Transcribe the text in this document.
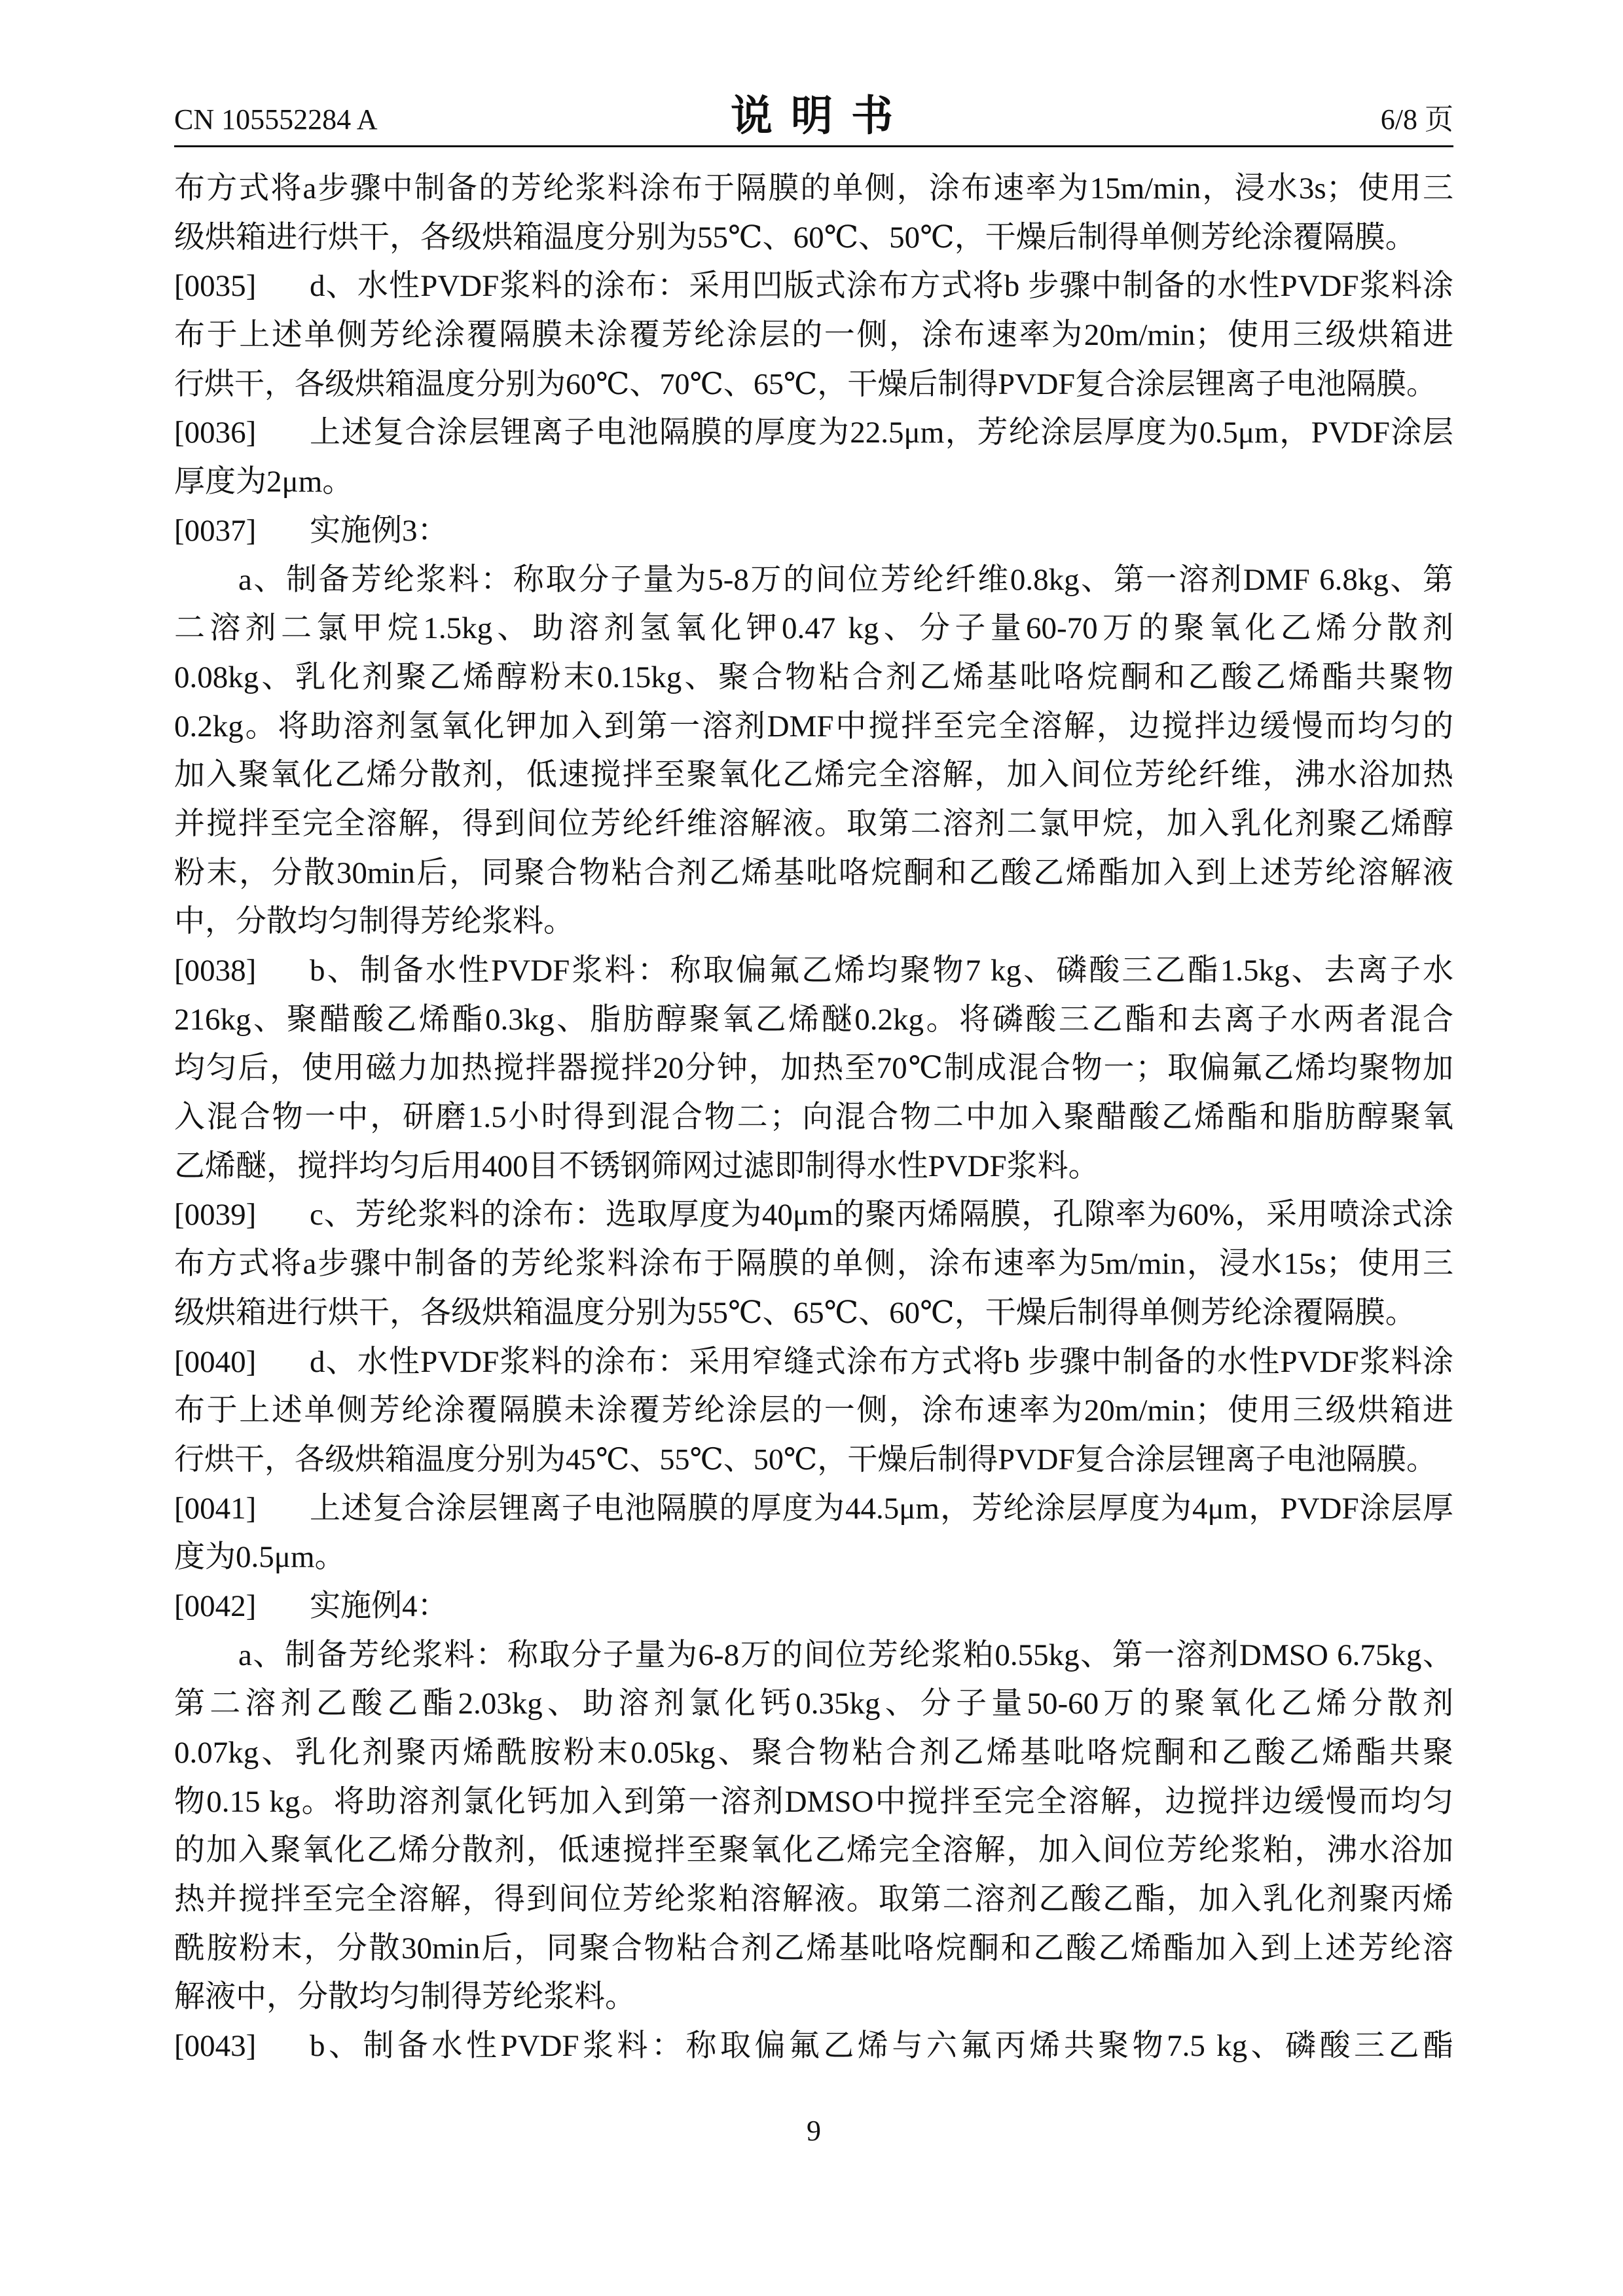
CN 105552284 A	说 明 书	6/8 页
布方式将a步骤中制备的芳纶浆料涂布于隔膜的单侧，涂布速率为15m/min，浸水3s；使用三
级烘箱进行烘干，各级烘箱温度分别为55℃、60℃、50℃，干燥后制得单侧芳纶涂覆隔膜。
[0035]	d、水性PVDF浆料的涂布：采用凹版式涂布方式将b 步骤中制备的水性PVDF浆料涂
布于上述单侧芳纶涂覆隔膜未涂覆芳纶涂层的一侧，涂布速率为20m/min；使用三级烘箱进
行烘干，各级烘箱温度分别为60℃、70℃、65℃，干燥后制得PVDF复合涂层锂离子电池隔膜。
[0036]	上述复合涂层锂离子电池隔膜的厚度为22.5μm，芳纶涂层厚度为0.5μm，PVDF涂层
厚度为2μm。
[0037]	实施例3：
a、制备芳纶浆料：称取分子量为5-8万的间位芳纶纤维0.8kg、第一溶剂DMF 6.8kg、第
二溶剂二氯甲烷1.5kg、助溶剂氢氧化钾0.47 kg、分子量60-70万的聚氧化乙烯分散剂
0.08kg、乳化剂聚乙烯醇粉末0.15kg、聚合物粘合剂乙烯基吡咯烷酮和乙酸乙烯酯共聚物
0.2kg。将助溶剂氢氧化钾加入到第一溶剂DMF中搅拌至完全溶解，边搅拌边缓慢而均匀的
加入聚氧化乙烯分散剂，低速搅拌至聚氧化乙烯完全溶解，加入间位芳纶纤维，沸水浴加热
并搅拌至完全溶解，得到间位芳纶纤维溶解液。取第二溶剂二氯甲烷，加入乳化剂聚乙烯醇
粉末，分散30min后，同聚合物粘合剂乙烯基吡咯烷酮和乙酸乙烯酯加入到上述芳纶溶解液
中，分散均匀制得芳纶浆料。
[0038]	b、制备水性PVDF浆料：称取偏氟乙烯均聚物7 kg、磷酸三乙酯1.5kg、去离子水
216kg、聚醋酸乙烯酯0.3kg、脂肪醇聚氧乙烯醚0.2kg。将磷酸三乙酯和去离子水两者混合
均匀后，使用磁力加热搅拌器搅拌20分钟，加热至70℃制成混合物一；取偏氟乙烯均聚物加
入混合物一中，研磨1.5小时得到混合物二；向混合物二中加入聚醋酸乙烯酯和脂肪醇聚氧
乙烯醚，搅拌均匀后用400目不锈钢筛网过滤即制得水性PVDF浆料。
[0039]	c、芳纶浆料的涂布：选取厚度为40μm的聚丙烯隔膜，孔隙率为60%，采用喷涂式涂
布方式将a步骤中制备的芳纶浆料涂布于隔膜的单侧，涂布速率为5m/min，浸水15s；使用三
级烘箱进行烘干，各级烘箱温度分别为55℃、65℃、60℃，干燥后制得单侧芳纶涂覆隔膜。
[0040]	d、水性PVDF浆料的涂布：采用窄缝式涂布方式将b 步骤中制备的水性PVDF浆料涂
布于上述单侧芳纶涂覆隔膜未涂覆芳纶涂层的一侧，涂布速率为20m/min；使用三级烘箱进
行烘干，各级烘箱温度分别为45℃、55℃、50℃，干燥后制得PVDF复合涂层锂离子电池隔膜。
[0041]	上述复合涂层锂离子电池隔膜的厚度为44.5μm，芳纶涂层厚度为4μm，PVDF涂层厚
度为0.5μm。
[0042]	实施例4：
a、制备芳纶浆料：称取分子量为6-8万的间位芳纶浆粕0.55kg、第一溶剂DMSO 6.75kg、
第二溶剂乙酸乙酯2.03kg、助溶剂氯化钙0.35kg、分子量50-60万的聚氧化乙烯分散剂
0.07kg、乳化剂聚丙烯酰胺粉末0.05kg、聚合物粘合剂乙烯基吡咯烷酮和乙酸乙烯酯共聚
物0.15 kg。将助溶剂氯化钙加入到第一溶剂DMSO中搅拌至完全溶解，边搅拌边缓慢而均匀
的加入聚氧化乙烯分散剂，低速搅拌至聚氧化乙烯完全溶解，加入间位芳纶浆粕，沸水浴加
热并搅拌至完全溶解，得到间位芳纶浆粕溶解液。取第二溶剂乙酸乙酯，加入乳化剂聚丙烯
酰胺粉末，分散30min后，同聚合物粘合剂乙烯基吡咯烷酮和乙酸乙烯酯加入到上述芳纶溶
解液中，分散均匀制得芳纶浆料。
[0043]	b、制备水性PVDF浆料：称取偏氟乙烯与六氟丙烯共聚物7.5 kg、磷酸三乙酯
9
